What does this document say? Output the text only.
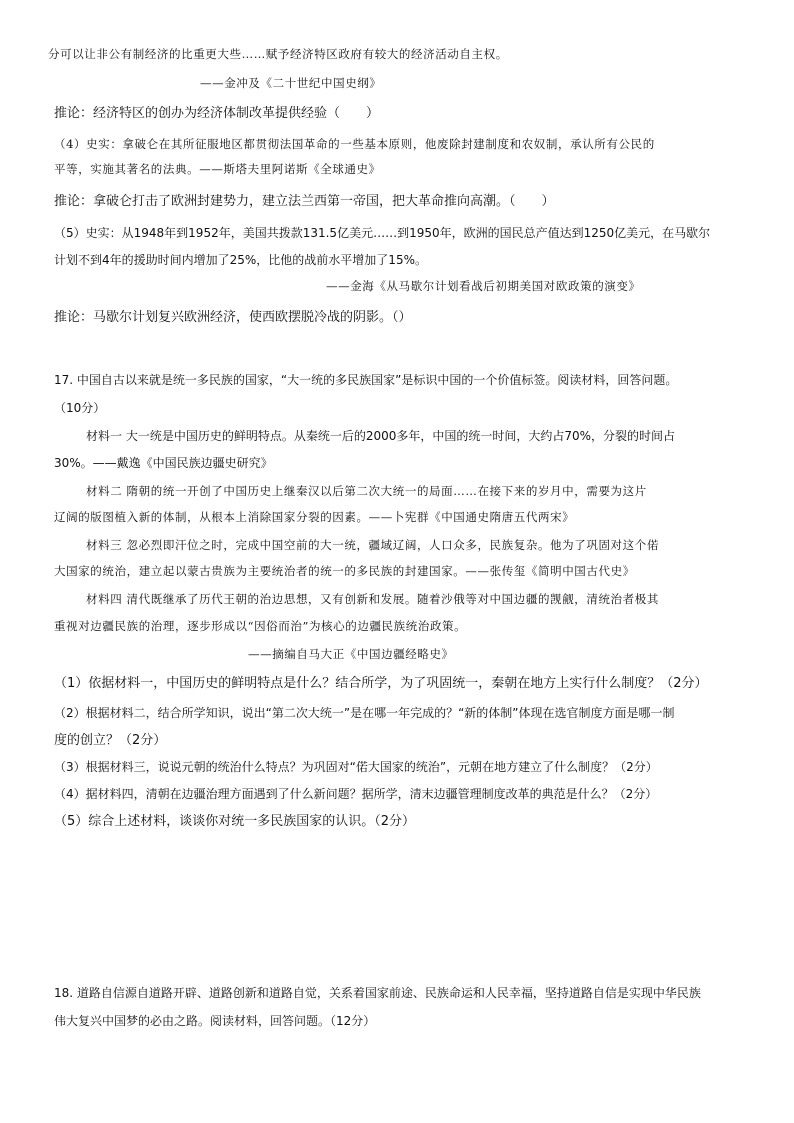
分可以让非公有制经济的比重更大些……赋予经济特区政府有较大的经济活动自主权。
——金冲及《二十世纪中国史纲》
推论：经济特区的创办为经济体制改革提供经验（　　）
（4）史实：拿破仑在其所征服地区都贯彻法国革命的一些基本原则，他废除封建制度和农奴制，承认所有公民的
平等，实施其著名的法典。——斯塔夫里阿诺斯《全球通史》
推论：拿破仑打击了欧洲封建势力，建立法兰西第一帝国，把大革命推向高潮。（　　）
（5）史实：从1948年到1952年，美国共拨款131.5亿美元……到1950年，欧洲的国民总产值达到1250亿美元，在马歇尔
计划不到4年的援助时间内增加了25%，比他的战前水平增加了15%。
——金海《从马歇尔计划看战后初期美国对欧政策的演变》
推论：马歇尔计划复兴欧洲经济，使西欧摆脱冷战的阴影。（）
17. 中国自古以来就是统一多民族的国家，“大一统的多民族国家”是标识中国的一个价值标签。阅读材料，回答问题。
（10分）
材料一 大一统是中国历史的鲜明特点。从秦统一后的2000多年，中国的统一时间，大约占70%，分裂的时间占
30%。——戴逸《中国民族边疆史研究》
材料二 隋朝的统一开创了中国历史上继秦汉以后第二次大统一的局面……在接下来的岁月中，需要为这片
辽阔的版图植入新的体制，从根本上消除国家分裂的因素。——卜宪群《中国通史隋唐五代两宋》
材料三 忽必烈即汗位之时，完成中国空前的大一统，疆域辽阔，人口众多，民族复杂。他为了巩固对这个偌
大国家的统治，建立起以蒙古贵族为主要统治者的统一的多民族的封建国家。——张传玺《简明中国古代史》
材料四 清代既继承了历代王朝的治边思想，又有创新和发展。随着沙俄等对中国边疆的觊觎，清统治者极其
重视对边疆民族的治理，逐步形成以“因俗而治”为核心的边疆民族统治政策。
——摘编自马大正《中国边疆经略史》
（1）依据材料一，中国历史的鲜明特点是什么？结合所学，为了巩固统一，秦朝在地方上实行什么制度？（2分）
（2）根据材料二，结合所学知识，说出“第二次大统一”是在哪一年完成的？“新的体制”体现在选官制度方面是哪一制
度的创立？（2分）
（3）根据材料三，说说元朝的统治什么特点？为巩固对“偌大国家的统治”，元朝在地方建立了什么制度？（2分）
（4）据材料四，清朝在边疆治理方面遇到了什么新问题？据所学，清末边疆管理制度改革的典范是什么？（2分）
（5）综合上述材料，谈谈你对统一多民族国家的认识。（2分）
18. 道路自信源自道路开辟、道路创新和道路自觉，关系着国家前途、民族命运和人民幸福，坚持道路自信是实现中华民族
伟大复兴中国梦的必由之路。阅读材料，回答问题。（12分）
